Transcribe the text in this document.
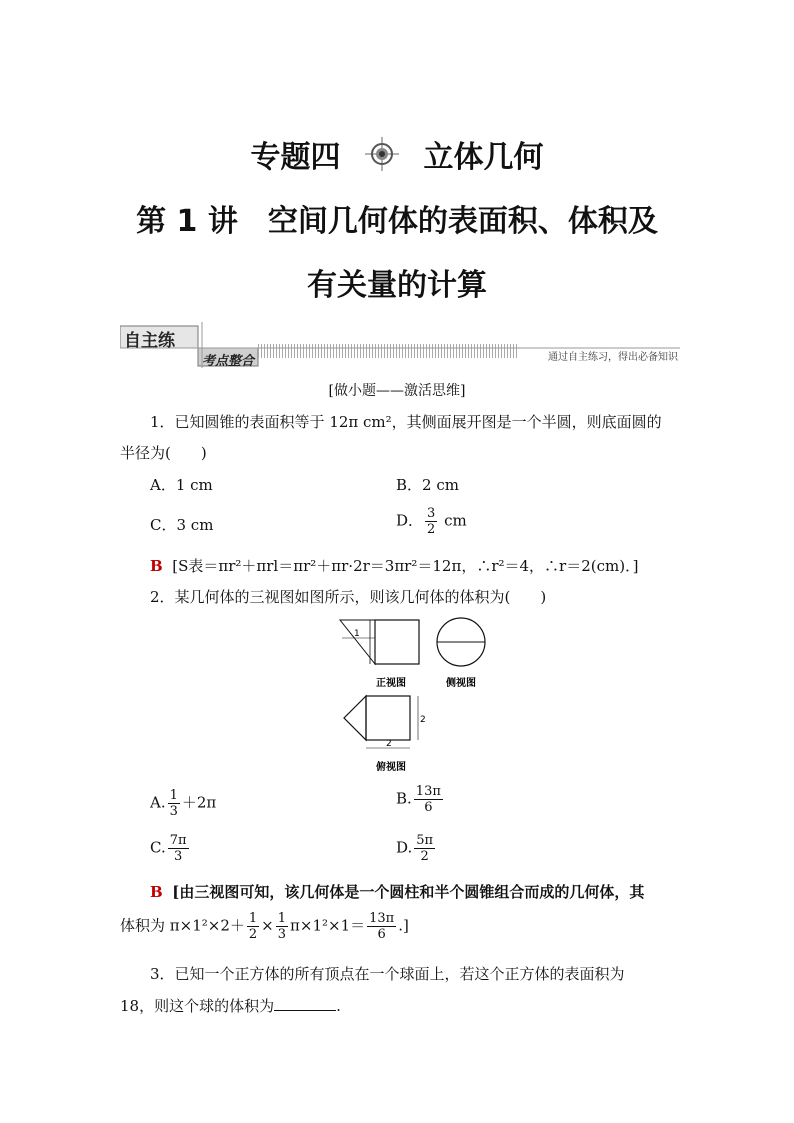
专题四	立体几何
第 1 讲　空间几何体的表面积、体积及
有关量的计算
自主练
考点整合	通过自主练习，得出必备知识
[做小题——激活思维]
1．已知圆锥的表面积等于 12π cm²，其侧面展开图是一个半圆，则底面圆的
半径为(　　)
A．1 cm	B．2 cm
C．3 cm	D． $\frac{3}{2}$ cm
B [S表＝πr²＋πrl＝πr²＋πr·2r＝3πr²＝12π，∴r²＝4，∴r＝2(cm)．]
2．某几何体的三视图如图所示，则该几何体的体积为(　　)
1
正视图	侧视图
2
2
俯视图
A. $\frac{1}{3} +2\pi$	B. $\frac{13\pi}{6}$
C. $\frac{7\pi}{3}$	D. $\frac{5\pi}{2}$
B [由三视图可知，该几何体是一个圆柱和半个圆锥组合而成的几何体，其
体积为 $\pi\times 1^2\times 2+ \frac{1}{2} \times \frac{1}{3} \pi\times 1^2\times 1= \frac{13\pi}{6}$ .]
3．已知一个正方体的所有顶点在一个球面上，若这个正方体的表面积为
18，则这个球的体积为	.
